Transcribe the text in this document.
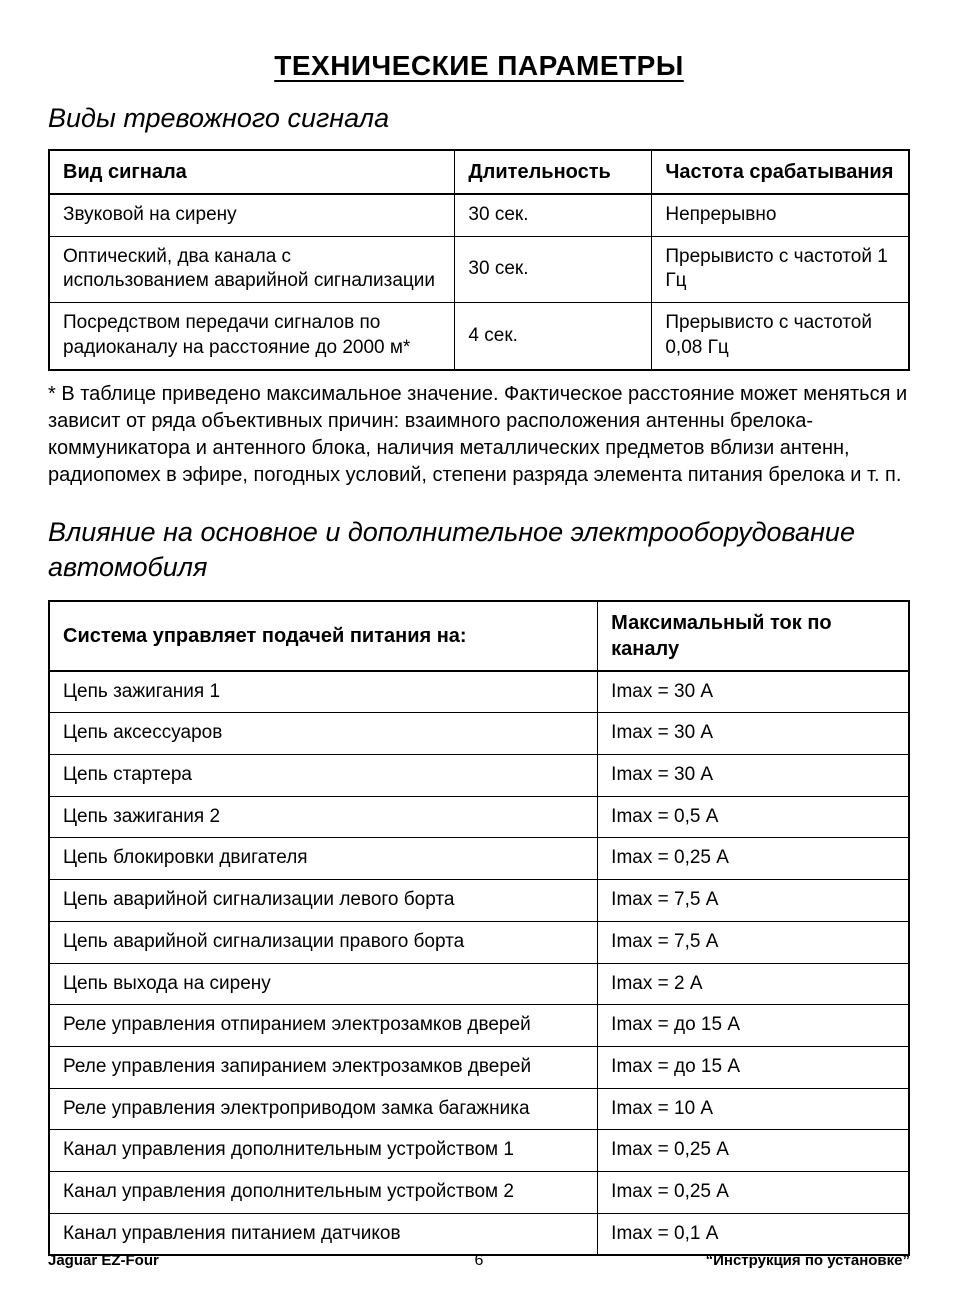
ТЕХНИЧЕСКИЕ ПАРАМЕТРЫ
Виды тревожного сигнала
Вид сигнала	Длительность	Частота срабатывания
Звуковой на сирену	30 сек.	Непрерывно
Оптический, два канала с использованием аварийной сигнализации	30 сек.	Прерывисто с частотой 1 Гц
Посредством передачи сигналов по радиоканалу на расстояние до 2000 м*	4 сек.	Прерывисто с частотой 0,08 Гц

* В таблице приведено максимальное значение. Фактическое расстояние может меняться и зависит от ряда объективных причин: взаимного расположения антенны брелока-коммуникатора и антенного блока, наличия металлических предметов вблизи антенн, радиопомех в эфире, погодных условий, степени разряда элемента питания брелока и т. п.

Влияние на основное и дополнительное электрооборудование автомобиля
Система управляет подачей питания на:	Максимальный ток по каналу
Цепь зажигания 1	Imax = 30 А
Цепь аксессуаров	Imax = 30 А
Цепь стартера	Imax = 30 А
Цепь зажигания 2	Imax = 0,5 А
Цепь блокировки двигателя	Imax = 0,25 А
Цепь аварийной сигнализации левого борта	Imax = 7,5 А
Цепь аварийной сигнализации правого борта	Imax = 7,5 А
Цепь выхода на сирену	Imax = 2 А
Реле управления отпиранием электрозамков дверей	Imax = до 15 А
Реле управления запиранием электрозамков дверей	Imax = до 15 А
Реле управления электроприводом замка багажника	Imax = 10 А
Канал управления дополнительным устройством 1	Imax = 0,25 А
Канал управления дополнительным устройством 2	Imax = 0,25 А
Канал управления питанием датчиков	Imax = 0,1 А
Jaguar EZ-Four	6	“Инструкция по установке”
